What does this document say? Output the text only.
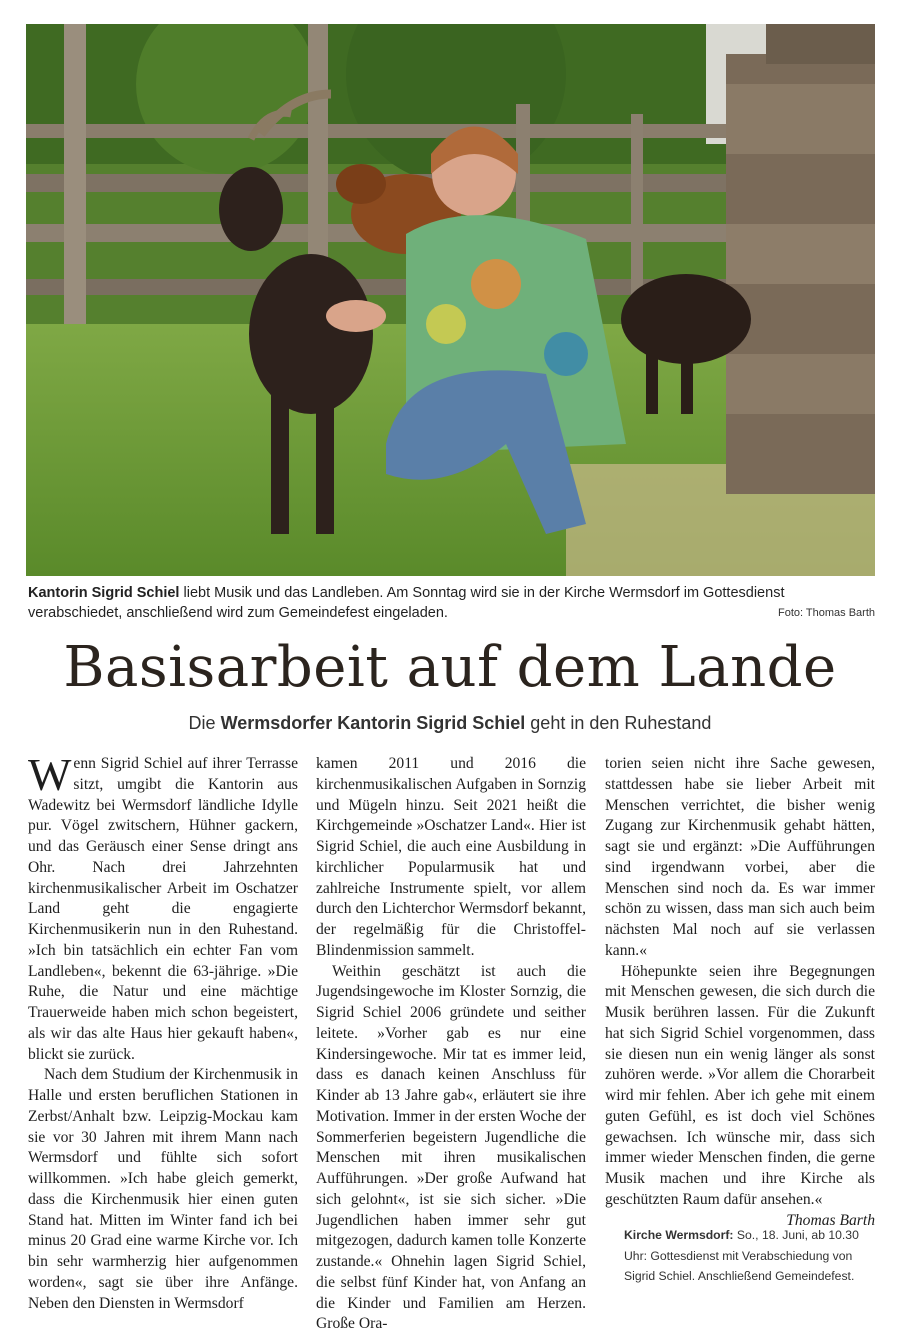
Kantorin Sigrid Schiel liebt Musik und das Landleben. Am Sonntag wird sie in der Kirche Wermsdorf im Gottesdienst verabschiedet, anschließend wird zum Gemeindefest eingeladen.	Foto: Thomas Barth
Basisarbeit auf dem Lande
Die Wermsdorfer Kantorin Sigrid Schiel geht in den Ruhestand

Wenn Sigrid Schiel auf ihrer Terrasse sitzt, umgibt die Kantorin aus Wadewitz bei Wermsdorf ländliche Idylle pur. Vögel zwitschern, Hühner gackern, und das Geräusch einer Sense dringt ans Ohr. Nach drei Jahrzehnten kirchenmusikalischer Arbeit im Oschatzer Land geht die engagierte Kirchenmusikerin nun in den Ruhestand. »Ich bin tatsächlich ein echter Fan vom Landleben«, bekennt die 63-jährige. »Die Ruhe, die Natur und eine mächtige Trauerweide haben mich schon begeistert, als wir das alte Haus hier gekauft haben«, blickt sie zurück.

Nach dem Studium der Kirchenmusik in Halle und ersten beruflichen Stationen in Zerbst/Anhalt bzw. Leipzig-Mockau kam sie vor 30 Jahren mit ihrem Mann nach Wermsdorf und fühlte sich sofort willkommen. »Ich habe gleich gemerkt, dass die Kirchenmusik hier einen guten Stand hat. Mitten im Winter fand ich bei minus 20 Grad eine warme Kirche vor. Ich bin sehr warmherzig hier aufgenommen worden«, sagt sie über ihre Anfänge. Neben den Diensten in Wermsdorf

kamen 2011 und 2016 die kirchenmusikalischen Aufgaben in Sornzig und Mügeln hinzu. Seit 2021 heißt die Kirchgemeinde »Oschatzer Land«. Hier ist Sigrid Schiel, die auch eine Ausbildung in kirchlicher Popularmusik hat und zahlreiche Instrumente spielt, vor allem durch den Lichterchor Wermsdorf bekannt, der regelmäßig für die Christoffel-Blindenmission sammelt.

Weithin geschätzt ist auch die Jugendsingewoche im Kloster Sornzig, die Sigrid Schiel 2006 gründete und seither leitete. »Vorher gab es nur eine Kindersingewoche. Mir tat es immer leid, dass es danach keinen Anschluss für Kinder ab 13 Jahre gab«, erläutert sie ihre Motivation. Immer in der ersten Woche der Sommerferien begeistern Jugendliche die Menschen mit ihren musikalischen Aufführungen. »Der große Aufwand hat sich gelohnt«, ist sie sich sicher. »Die Jugendlichen haben immer sehr gut mitgezogen, dadurch kamen tolle Konzerte zustande.« Ohnehin lagen Sigrid Schiel, die selbst fünf Kinder hat, von Anfang an die Kinder und Familien am Herzen. Große Ora-

torien seien nicht ihre Sache gewesen, stattdessen habe sie lieber Arbeit mit Menschen verrichtet, die bisher wenig Zugang zur Kirchenmusik gehabt hätten, sagt sie und ergänzt: »Die Aufführungen sind irgendwann vorbei, aber die Menschen sind noch da. Es war immer schön zu wissen, dass man sich auch beim nächsten Mal noch auf sie verlassen kann.«

Höhepunkte seien ihre Begegnungen mit Menschen gewesen, die sich durch die Musik berühren lassen. Für die Zukunft hat sich Sigrid Schiel vorgenommen, dass sie diesen nun ein wenig länger als sonst zuhören werde. »Vor allem die Chorarbeit wird mir fehlen. Aber ich gehe mit einem guten Gefühl, es ist doch viel Schönes gewachsen. Ich wünsche mir, dass sich immer wieder Menschen finden, die gerne Musik machen und ihre Kirche als geschützten Raum dafür ansehen.«

Thomas Barth

Kirche Wermsdorf: So., 18. Juni, ab 10.30 Uhr: Gottesdienst mit Verabschiedung von Sigrid Schiel. Anschließend Gemeindefest.
